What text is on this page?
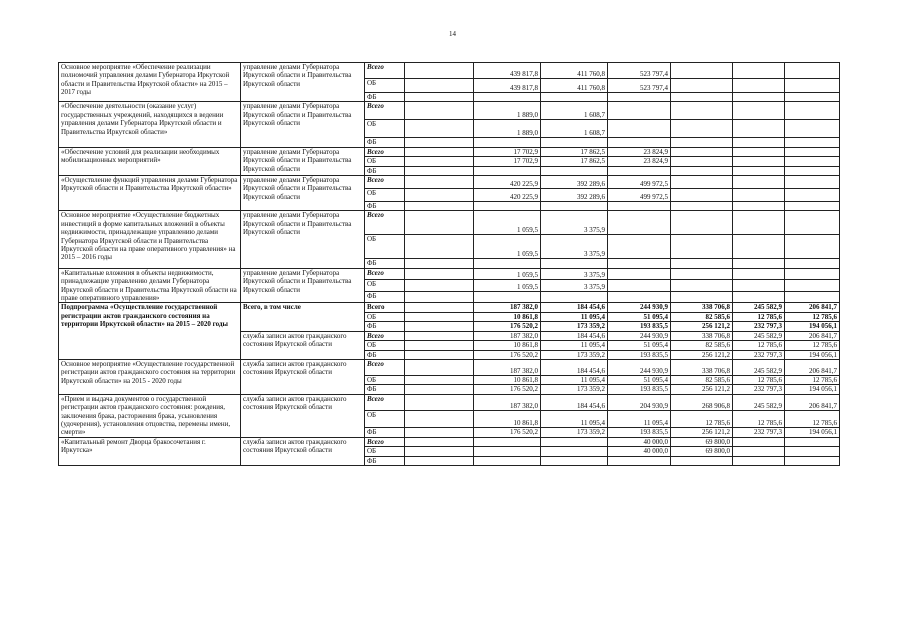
14
Основное мероприятие «Обеспечение реализации полномочий управления делами Губернатора Иркутской области и Правительства Иркутской области» на 2015 – 2017 годы	управление делами Губернатора Иркутской области и Правительства Иркутской области	Всего		439 817,8	411 760,8	523 797,4			
		ОБ		439 817,8	411 760,8	523 797,4			
		ФБ							
«Обеспечение деятельности (оказание услуг) государственных учреждений, находящихся в ведении управления делами Губернатора Иркутской области и Правительства Иркутской области»	управление делами Губернатора Иркутской области и Правительства Иркутской области	Всего		1 889,0	1 608,7				
		ОБ		1 889,0	1 608,7				
		ФБ							
«Обеспечение условий для реализации необходимых мобилизационных мероприятий»	управление делами Губернатора Иркутской области и Правительства Иркутской области	Всего		17 702,9	17 862,5	23 824,9			
		ОБ		17 702,9	17 862,5	23 824,9			
		ФБ							
«Осуществление функций управления делами Губернатора Иркутской области и Правительства Иркутской области»	управление делами Губернатора Иркутской области и Правительства Иркутской области	Всего		420 225,9	392 289,6	499 972,5			
		ОБ		420 225,9	392 289,6	499 972,5			
		ФБ							
Основное мероприятие «Осуществление бюджетных инвестиций в форме капитальных вложений в объекты недвижимости, принадлежащие управлению делами Губернатора Иркутской области и Правительства Иркутской области на праве оперативного управления» на 2015 – 2016 годы	управление делами Губернатора Иркутской области и Правительства Иркутской области	Всего		1 059,5	3 375,9				
		ОБ		1 059,5	3 375,9				
		ФБ							
«Капитальные вложения в объекты недвижимости, принадлежащие управлению делами Губернатора Иркутской области и Правительства Иркутской области на праве оперативного управления»	управление делами Губернатора Иркутской области и Правительства Иркутской области	Всего		1 059,5	3 375,9				
		ОБ		1 059,5	3 375,9				
		ФБ							
Подпрограмма «Осуществление государственной регистрации актов гражданского состояния на территории Иркутской области» на 2015 – 2020 годы	Всего, в том числе	Всего		187 382,0	184 454,6	244 930,9	338 706,8	245 582,9	206 841,7
		ОБ		10 861,8	11 095,4	51 095,4	82 585,6	12 785,6	12 785,6
		ФБ		176 520,2	173 359,2	193 835,5	256 121,2	232 797,3	194 056,1
	служба записи актов гражданского состояния Иркутской области	Всего		187 382,0	184 454,6	244 930,9	338 706,8	245 582,9	206 841,7
		ОБ		10 861,8	11 095,4	51 095,4	82 585,6	12 785,6	12 785,6
		ФБ		176 520,2	173 359,2	193 835,5	256 121,2	232 797,3	194 056,1
Основное мероприятие «Осуществление государственной регистрации актов гражданского состояния на территории Иркутской области» на 2015 - 2020 годы	служба записи актов гражданского состояния Иркутской области	Всего		187 382,0	184 454,6	244 930,9	338 706,8	245 582,9	206 841,7
		ОБ		10 861,8	11 095,4	51 095,4	82 585,6	12 785,6	12 785,6
		ФБ		176 520,2	173 359,2	193 835,5	256 121,2	232 797,3	194 056,1
«Прием и выдача документов о государственной регистрации актов гражданского состояния: рождения, заключения брака, расторжения брака, усыновления (удочерения), установления отцовства, перемены имени, смерти»	служба записи актов гражданского состояния Иркутской области	Всего		187 382,0	184 454,6	204 930,9	268 906,8	245 582,9	206 841,7
		ОБ		10 861,8	11 095,4	11 095,4	12 785,6	12 785,6	12 785,6
		ФБ		176 520,2	173 359,2	193 835,5	256 121,2	232 797,3	194 056,1
«Капитальный ремонт Дворца бракосочетания г. Иркутска»	служба записи актов гражданского состояния Иркутской области	Всего				40 000,0	69 800,0		
		ОБ				40 000,0	69 800,0		
		ФБ							
